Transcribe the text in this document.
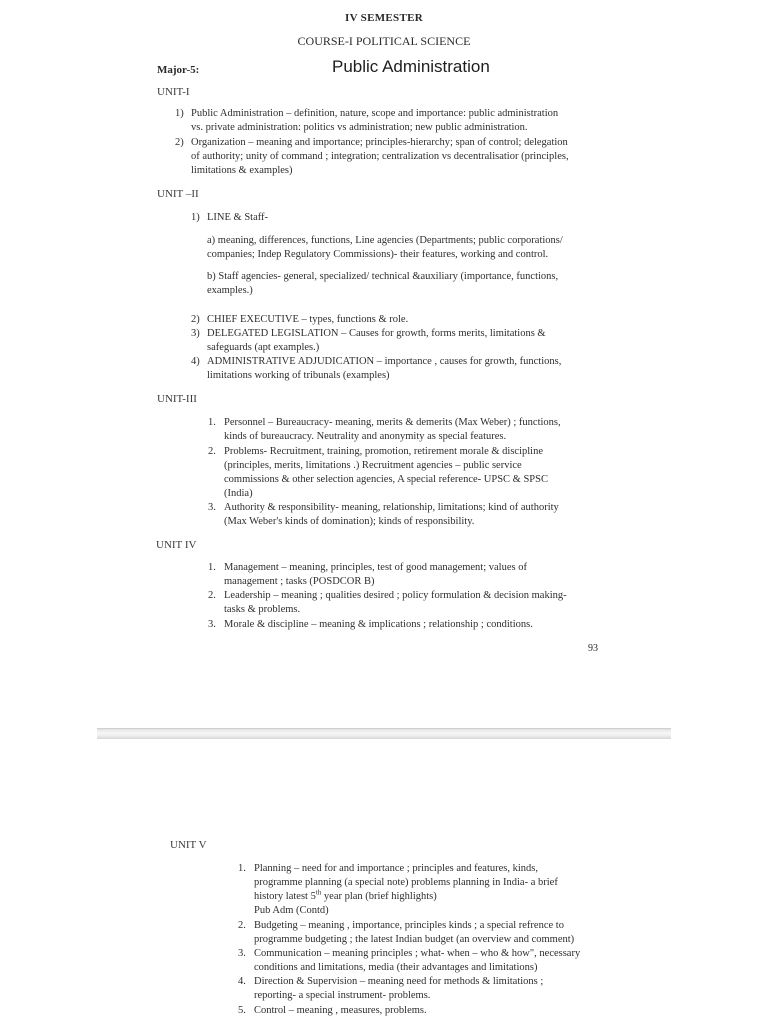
IV SEMESTER
COURSE-I POLITICAL SCIENCE
Major-5:	Public Administration
UNIT-I
1) Public Administration – definition, nature, scope and importance: public administration
vs. private administration: politics vs administration; new public administration.
2) Organization – meaning and importance; principles-hierarchy; span of control; delegation
of authority; unity of command ; integration; centralization vs decentralisatior (principles,
limitations & examples)
UNIT –II
1) LINE & Staff-
a) meaning, differences, functions, Line agencies (Departments; public corporations/
companies; Indep Regulatory Commissions)- their features, working and control.
b) Staff agencies- general, specialized/ technical &auxiliary (importance, functions,
examples.)
2) CHIEF EXECUTIVE – types, functions & role.
3) DELEGATED LEGISLATION – Causes for growth, forms merits, limitations &
safeguards (apt examples.)
4) ADMINISTRATIVE ADJUDICATION – importance , causes for growth, functions,
limitations working of tribunals (examples)
UNIT-III
1. Personnel – Bureaucracy- meaning, merits & demerits (Max Weber) ; functions,
kinds of bureaucracy. Neutrality and anonymity as special features.
2. Problems- Recruitment, training, promotion, retirement morale & discipline
(principles, merits, limitations .) Recruitment agencies – public service
commissions & other selection agencies, A special reference- UPSC & SPSC
(India)
3. Authority & responsibility- meaning, relationship, limitations; kind of authority
(Max Weber's kinds of domination); kinds of responsibility.
UNIT IV
1. Management – meaning, principles, test of good management; values of
management ; tasks (POSDCOR B)
2. Leadership – meaning ; qualities desired ; policy formulation & decision making-
tasks & problems.
3. Morale & discipline – meaning & implications ; relationship ; conditions.
93
UNIT V
1. Planning – need for and importance ; principles and features, kinds,
programme planning (a special note) problems planning in India- a brief
history latest 5th year plan (brief highlights)
Pub Adm (Contd)
2. Budgeting – meaning , importance, principles kinds ; a special refrence to
programme budgeting ; the latest Indian budget (an overview and comment)
3. Communication – meaning principles ; what- when – who & how", necessary
conditions and limitations, media (their advantages and limitations)
4. Direction & Supervision – meaning need for methods & limitations ;
reporting- a special instrument- problems.
5. Control – meaning , measures, problems.
